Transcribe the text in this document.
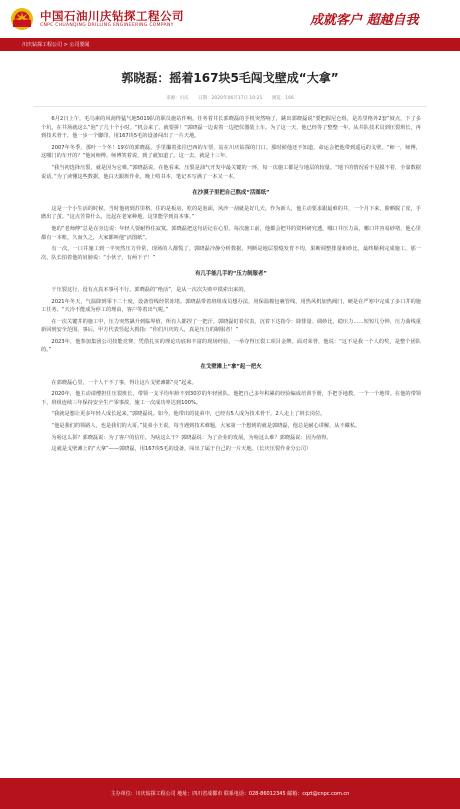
中国石油川庆钻探工程公司
CNPC CHUANQING DRILLING ENGINEERING COMPANY	成就客户 超越自我
川庆钻探工程公司 > 公司要闻
郭晓磊：摇着167块5毛闯戈壁成“大拿”
来源：川庆 日期：2020年06月17日 10:21 浏览：166

6月2日上午，毛乌素的风刮得猛气地5019队的职员施站作响。任务着井长郭晓磊的手机突然响了，跳出郭晓磊说“要把握尼仑组，是苏里格外2套”坡点，下了多个坑，在井场就这么“泡”了几十个小时。“机会来了，就要拼！”郭晓磊一边说着一边把仪器装上车。为了这一天，他已经等了整整一年。从井队技术员到压裂班长，再到技术骨干，他一步一个脚印，用167块5毛的设备闯出了一片天地。

2007年冬季，那叶一个冬！19岁的郭晓磊，手里攥着张往巴西的车票，站在川庆钻探的门口。那时候他还不知道，命运会把他带到遥远的戈壁。“师一，师傅，这哪门的车开的？”他问师傅。师傅笑着说，到了就知道了。这一去，就是十三年。

“我当初选择压裂，就是因为它难。”郭晓磊说。在他看来，压裂是油气开发中最关键的一环，每一次施工都是与地层的较量。“地下的情况看不见摸不着，全靠数据说话。”为了读懂这些数据，他白天跟班作业，晚上啃书本，笔记本写满了一本又一本。

在沙漠子里把自己熬成“活图纸”

这是一个小生活的时候。当时他初到苏里格，住的是板房，吃的是泡面，风沙一刮就是好几天。作为新人，他主动要求跟最难的井，一个月下来，脸晒脱了皮，手磨出了茧。“这点苦算什么，比起在老家种地，这里能学到真本事。”

他的“老师傅”总是在旁边说：年轻人要耐得住寂寞。郭晓磊把这句话记在心里。每次施工前，他都会把井的资料研究透，哪口井压力高，哪口井容易砂堵，他心里都有一本账。久而久之，大家都叫他“活图纸”。

有一次，一口井施工到一半突然压力异常，现场的人都慌了。郭晓磊冷静分析数据，判断是地层裂缝发育不均，果断调整排量和砂比，最终顺利完成施工。那一次，队长拍着他的肩膀说：“小伙子，有两下子！”

有几手能几手的“压力制服者”

干压裂这行，没有点真本事可不行。郭晓磊的“绝活”，是从一次次失败中摸索出来的。

2021年冬天，气温降到零下二十度，设备管线经常冻堵。郭晓磊带着班组成员想办法，用保温棉包裹管线，用热风机加热阀门，硬是在严寒中完成了多口井的施工任务。“天冷不能成为停工的理由，客户等着出气呢。”

在一次关键井的施工中，压力突然飙升到临界值，所有人都捏了一把汗。郭晓磊盯着仪表，沉着下达指令：降排量、调砂比、稳压力……短短几分钟，压力曲线重新回到安全范围。事后，甲方代表竖起大拇指：“你们川庆的人，真是压力的制服者！”

2023年，他参加集团公司技能竞赛，凭借扎实的理论功底和丰富的现场经验，一举夺得压裂工项目金牌。面对荣誉，他说：“这不是我一个人的奖，是整个团队的。”

在戈壁滩上“拿”起一把火

在郭晓磊心里，一个人干不了事，得让这片戈壁滩都“亮”起来。

2020年，他主动请缨担任压裂班长，带领一支平均年龄不到30岁的年轻团队。他把自己多年积累的经验编成培训手册，手把手地教，一个一个地带。在他的带领下，班组连续三年保持安全生产零事故，施工一次成功率达到100%。

“我就是想让更多年轻人成长起来。”郭晓磊说。如今，他带出的徒弟中，已经有5人成为技术骨干，2人走上了班长岗位。

“他是我们的领路人，也是我们的大哥。”徒弟小王说。每当遇到技术难题，大家第一个想到的就是郭晓磊，他总是耐心讲解，从不藏私。

为啥这么拼？郭晓磊说：为了客户的信任。为啥这么干？郭晓磊说：为了企业的发展。为啥这么难？郭晓磊说：因为值得。

这就是戈壁滩上的“大拿”——郭晓磊，用167块5毛的设备，闯出了属于自己的一片天地。（长庆压裂作业分公司）

主办单位：川庆钻探工程公司 地址：四川省成都市 联系电话：028-86012345 邮箱：cqzt@cnpc.com.cn
